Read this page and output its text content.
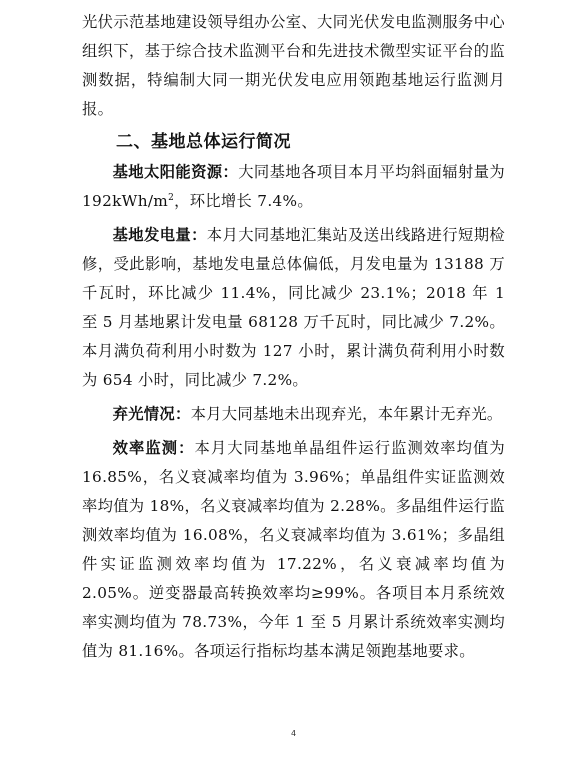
光伏示范基地建设领导组办公室、大同光伏发电监测服务中心组织下，基于综合技术监测平台和先进技术微型实证平台的监测数据，特编制大同一期光伏发电应用领跑基地运行监测月报。

二、基地总体运行简况

基地太阳能资源：大同基地各项目本月平均斜面辐射量为 $192kWh/m^2$，环比增长 7.4%。

基地发电量：本月大同基地汇集站及送出线路进行短期检修，受此影响，基地发电量总体偏低，月发电量为 13188 万千瓦时，环比减少 11.4%，同比减少 23.1%；2018 年 1 至 5 月基地累计发电量 68128 万千瓦时，同比减少 7.2%。本月满负荷利用小时数为 127 小时，累计满负荷利用小时数为 654 小时，同比减少 7.2%。

弃光情况：本月大同基地未出现弃光，本年累计无弃光。

效率监测：本月大同基地单晶组件运行监测效率均值为 16.85%，名义衰减率均值为 3.96%；单晶组件实证监测效率均值为 18%，名义衰减率均值为 2.28%。多晶组件运行监测效率均值为 16.08%，名义衰减率均值为 3.61%；多晶组件实证监测效率均值为 17.22%，名义衰减率均值为 2.05%。逆变器最高转换效率均≥99%。各项目本月系统效率实测均值为 78.73%，今年 1 至 5 月累计系统效率实测均值为 81.16%。各项运行指标均基本满足领跑基地要求。

4
